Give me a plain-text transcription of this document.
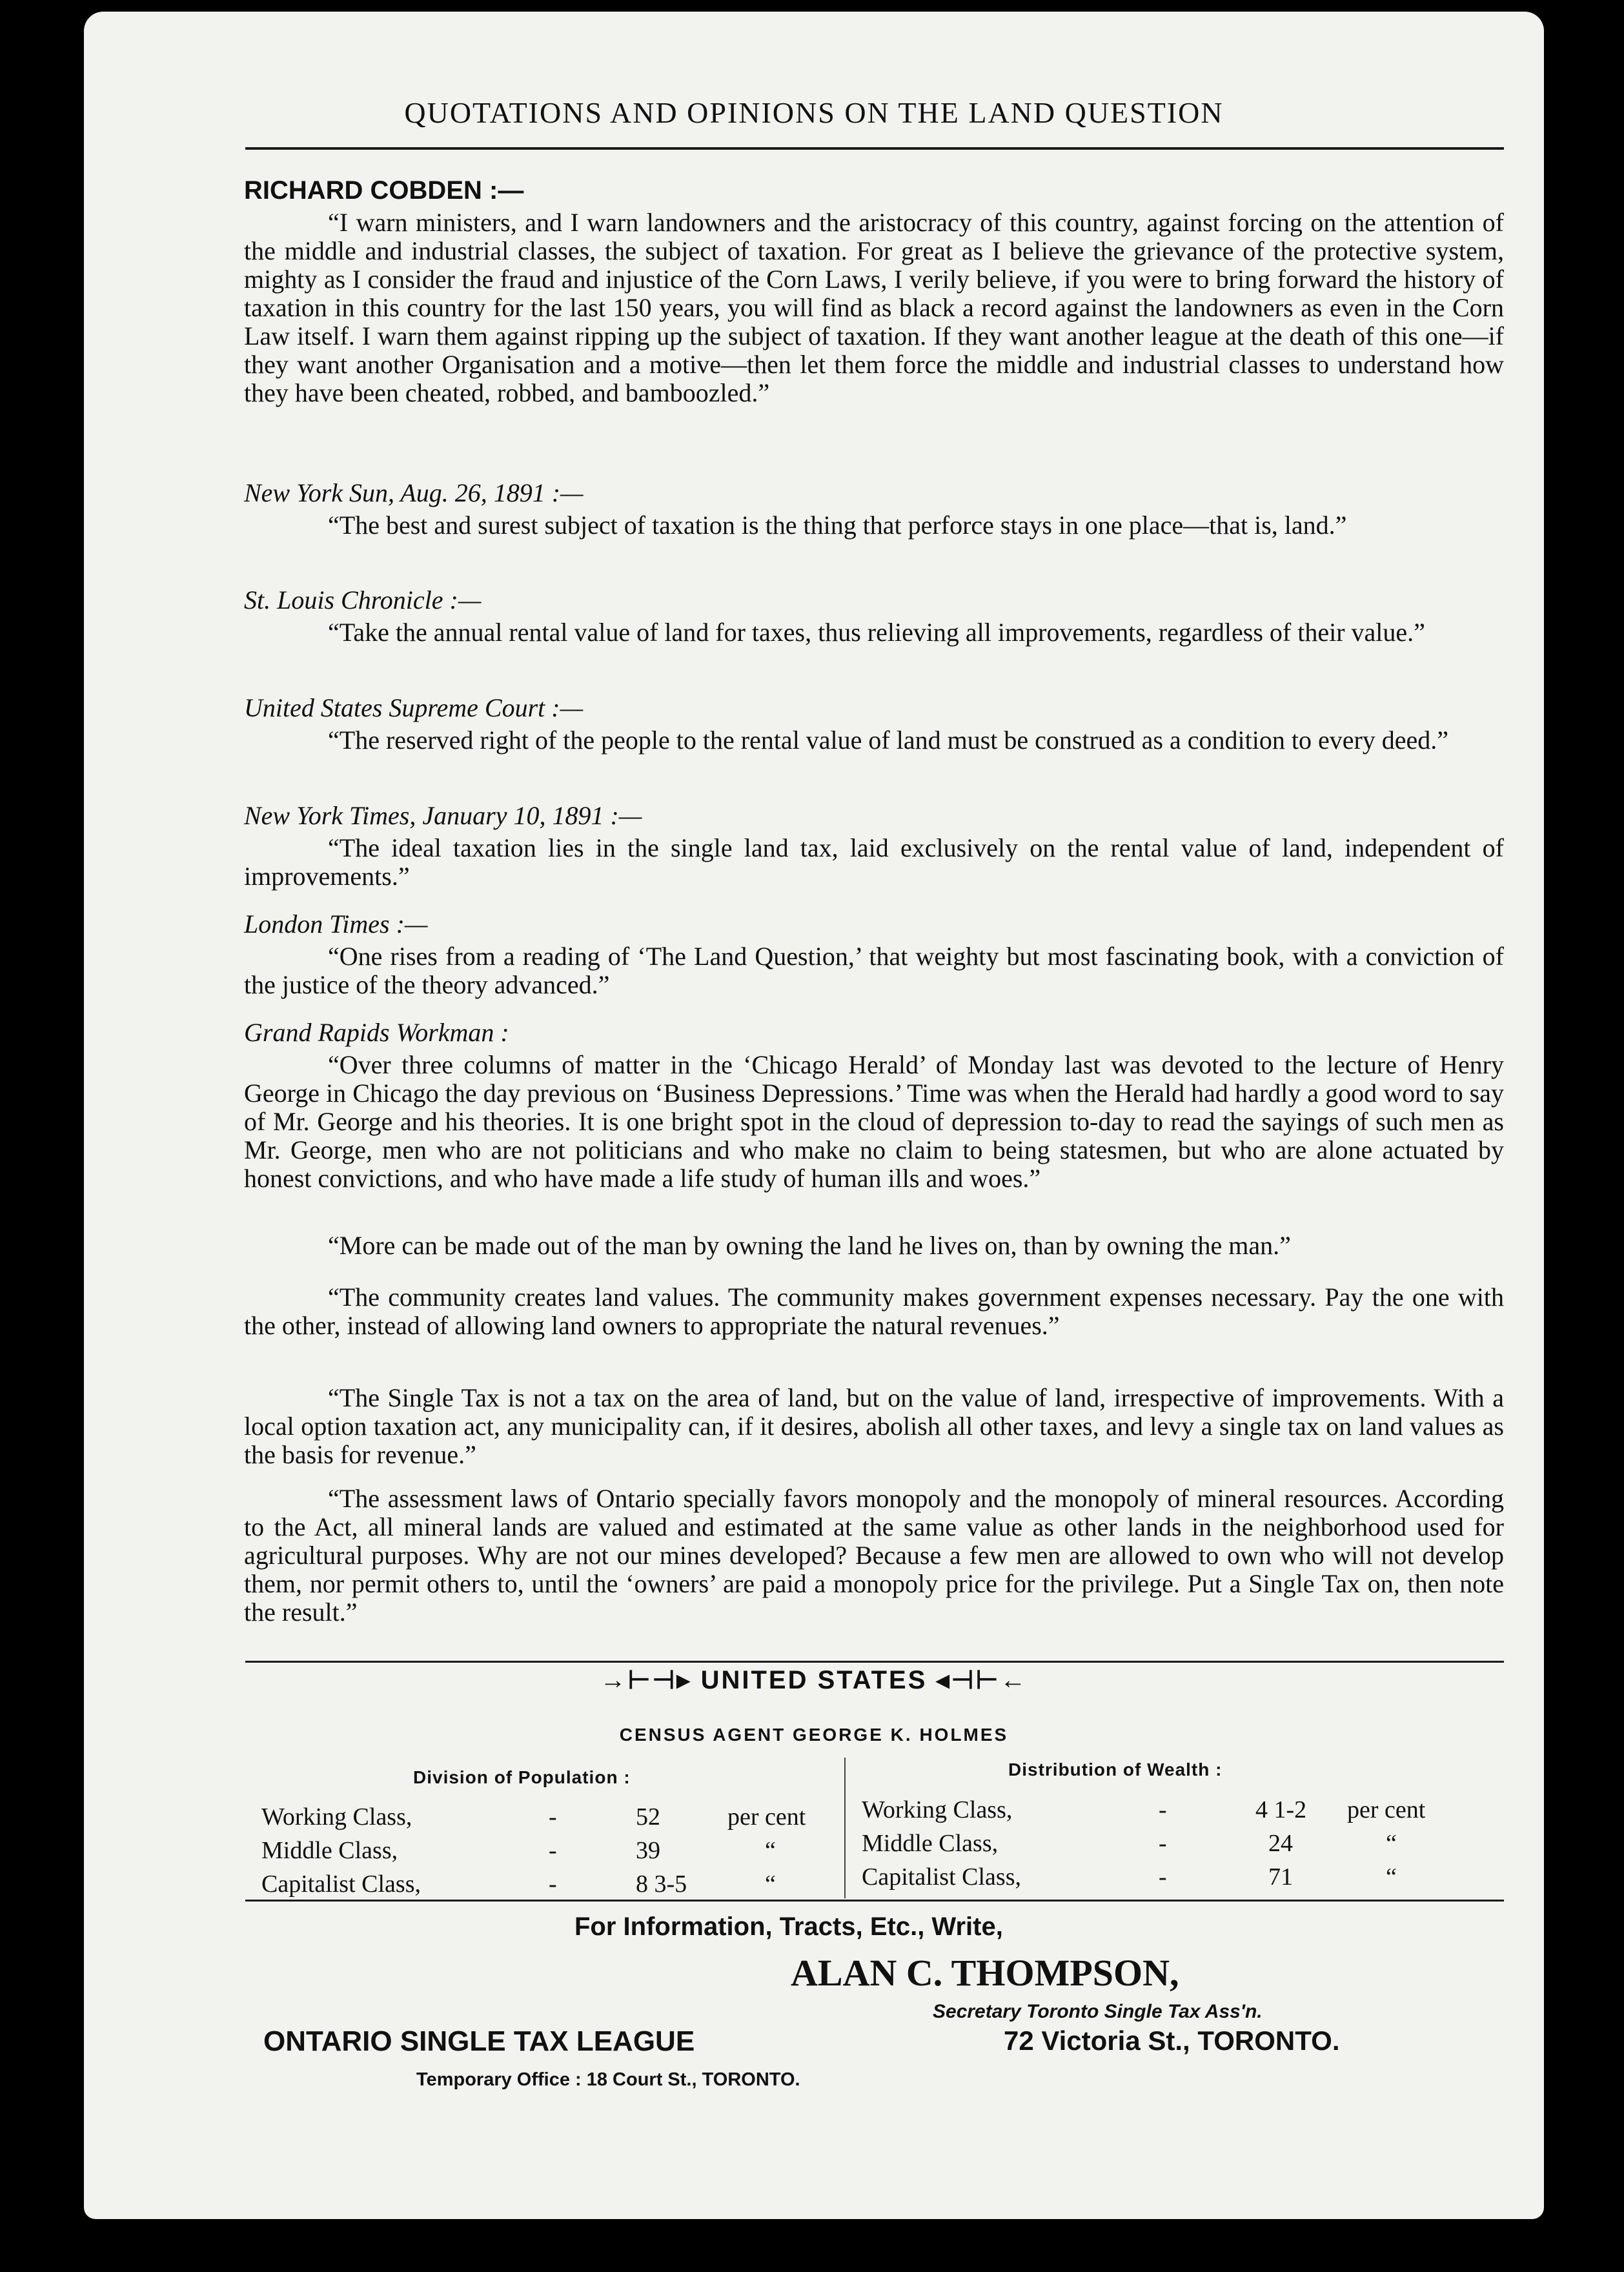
QUOTATIONS AND OPINIONS ON THE LAND QUESTION
RICHARD COBDEN :—

“I warn ministers, and I warn landowners and the aristocracy of this country, against forcing on the attention of the middle and industrial classes, the subject of taxation. For great as I believe the grievance of the protective system, mighty as I consider the fraud and injustice of the Corn Laws, I verily believe, if you were to bring forward the history of taxation in this country for the last 150 years, you will find as black a record against the landowners as even in the Corn Law itself. I warn them against ripping up the subject of taxation. If they want another league at the death of this one—if they want another Organisation and a motive—then let them force the middle and industrial classes to understand how they have been cheated, robbed, and bamboozled.”

New York Sun, Aug. 26, 1891 :—

“The best and surest subject of taxation is the thing that perforce stays in one place—that is, land.”

St. Louis Chronicle :—

“Take the annual rental value of land for taxes, thus relieving all improvements, regardless of their value.”

United States Supreme Court :—

“The reserved right of the people to the rental value of land must be construed as a condition to every deed.”

New York Times, January 10, 1891 :—

“The ideal taxation lies in the single land tax, laid exclusively on the rental value of land, independent of improvements.”

London Times :—

“One rises from a reading of ‘The Land Question,’ that weighty but most fascinating book, with a conviction of the justice of the theory advanced.”

Grand Rapids Workman :

“Over three columns of matter in the ‘Chicago Herald’ of Monday last was devoted to the lecture of Henry George in Chicago the day previous on ‘Business Depressions.’ Time was when the Herald had hardly a good word to say of Mr. George and his theories. It is one bright spot in the cloud of depression to-day to read the sayings of such men as Mr. George, men who are not politicians and who make no claim to being statesmen, but who are alone actuated by honest convictions, and who have made a life study of human ills and woes.”

“More can be made out of the man by owning the land he lives on, than by owning the man.”

“The community creates land values. The community makes government expenses necessary. Pay the one with the other, instead of allowing land owners to appropriate the natural revenues.”

“The Single Tax is not a tax on the area of land, but on the value of land, irrespective of improvements. With a local option taxation act, any municipality can, if it desires, abolish all other taxes, and levy a single tax on land values as the basis for revenue.”

“The assessment laws of Ontario specially favors monopoly and the monopoly of mineral resources. According to the Act, all mineral lands are valued and estimated at the same value as other lands in the neighborhood used for agricultural purposes. Why are not our mines developed? Because a few men are allowed to own who will not develop them, nor permit others to, until the ‘owners’ are paid a monopoly price for the privilege. Put a Single Tax on, then note the result.”

→⊢⊣▸ UNITED STATES ◂⊣⊢←
CENSUS AGENT GEORGE K. HOLMES
Division of Population :	Distribution of Wealth :
Working Class,	-	52	per cent
Middle Class,	-	39	“
Capitalist Class,	-	8 3-5	“
Working Class,	-	4 1-2 per cent
Middle Class,	-	24	“
Capitalist Class,	-	71	“
For Information, Tracts, Etc., Write,
ALAN C. THOMPSON,
Secretary Toronto Single Tax Ass'n.
72 Victoria St., TORONTO.
ONTARIO SINGLE TAX LEAGUE
Temporary Office : 18 Court St., TORONTO.
